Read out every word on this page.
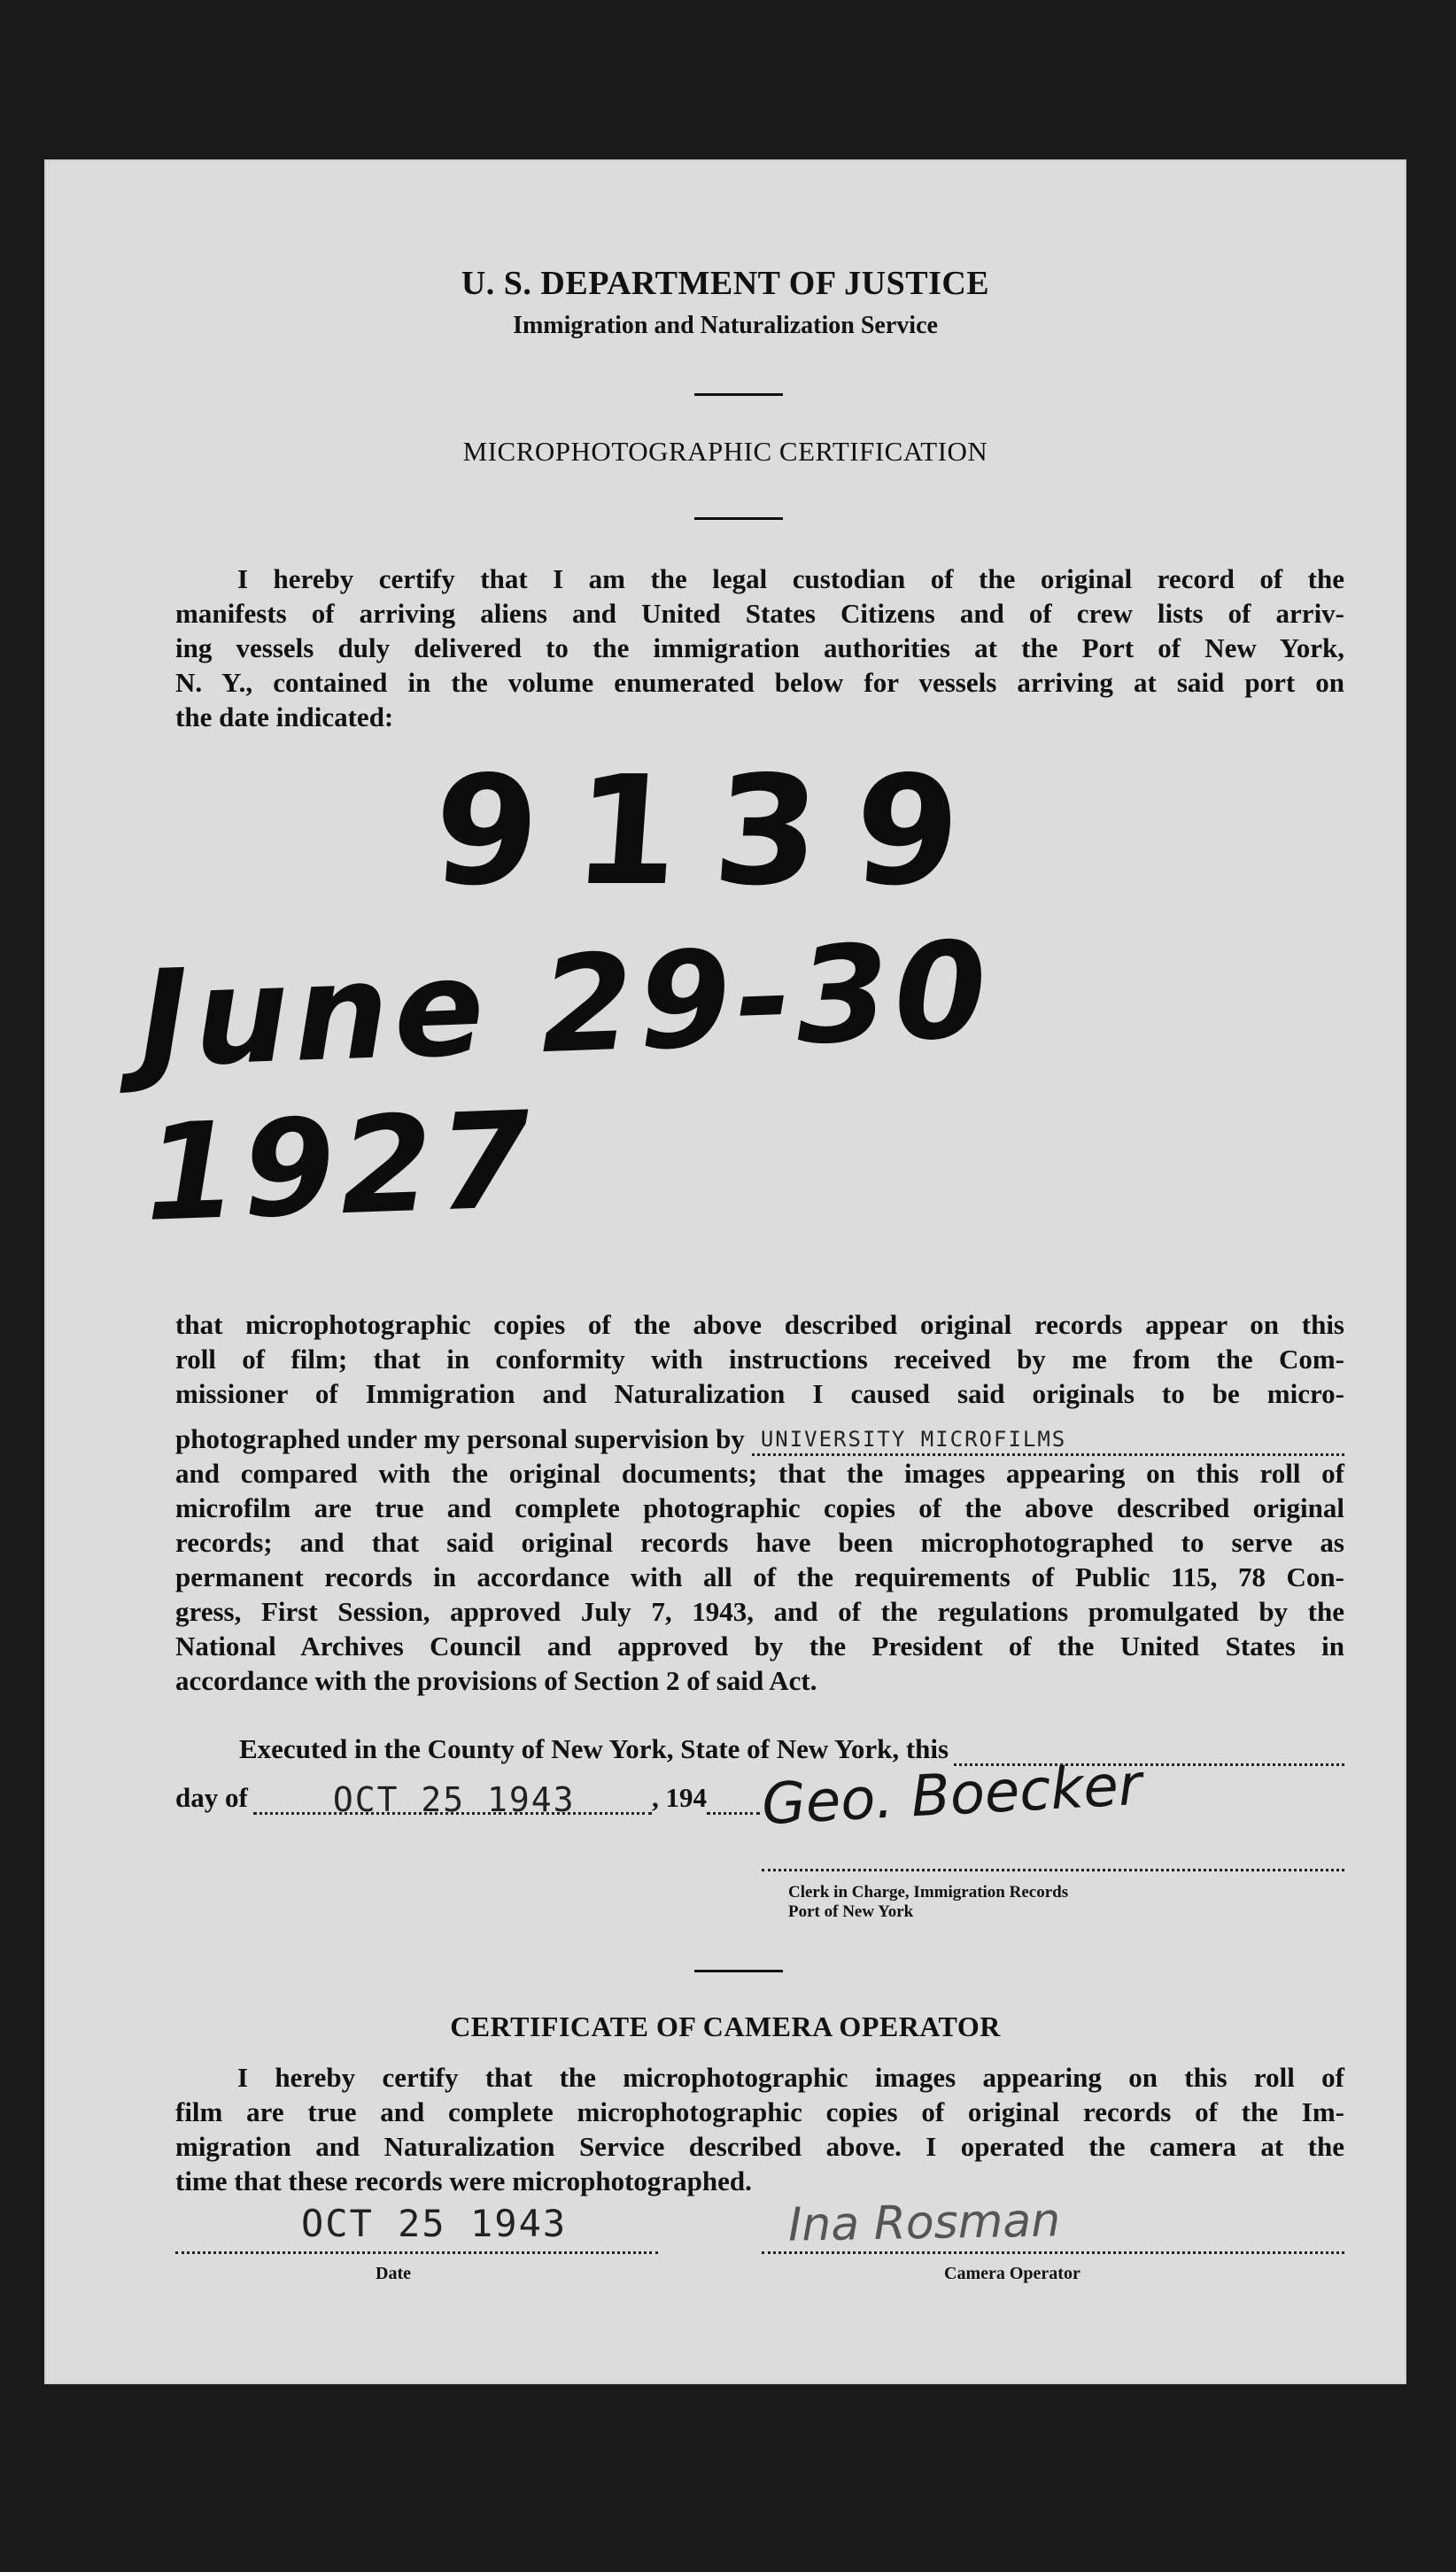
U. S. DEPARTMENT OF JUSTICE
Immigration and Naturalization Service
MICROPHOTOGRAPHIC CERTIFICATION
I hereby certify that I am the legal custodian of the original record of the
manifests of arriving aliens and United States Citizens and of crew lists of arriv-
ing vessels duly delivered to the immigration authorities at the Port of New York,
N. Y., contained in the volume enumerated below for vessels arriving at said port on
the date indicated:
9139
June 29-30 1927
that microphotographic copies of the above described original records appear on this
roll of film; that in conformity with instructions received by me from the Com-
missioner of Immigration and Naturalization I caused said originals to be micro-
photographed under my personal supervision by UNIVERSITY MICROFILMS
and compared with the original documents; that the images appearing on this roll of
microfilm are true and complete photographic copies of the above described original
records; and that said original records have been microphotographed to serve as
permanent records in accordance with all of the requirements of Public 115, 78 Con-
gress, First Session, approved July 7, 1943, and of the regulations promulgated by the
National Archives Council and approved by the President of the United States in
accordance with the provisions of Section 2 of said Act.
Executed in the County of New York, State of New York, this
day of	OCT 25 1943	, 194 Geo. Boecker
Clerk in Charge, Immigration Records
Port of New York
CERTIFICATE OF CAMERA OPERATOR
I hereby certify that the microphotographic images appearing on this roll of
film are true and complete microphotographic copies of original records of the Im-
migration and Naturalization Service described above. I operated the camera at the
time that these records were microphotographed.
OCT 25 1943
Date
Ina Rosman
Camera Operator
